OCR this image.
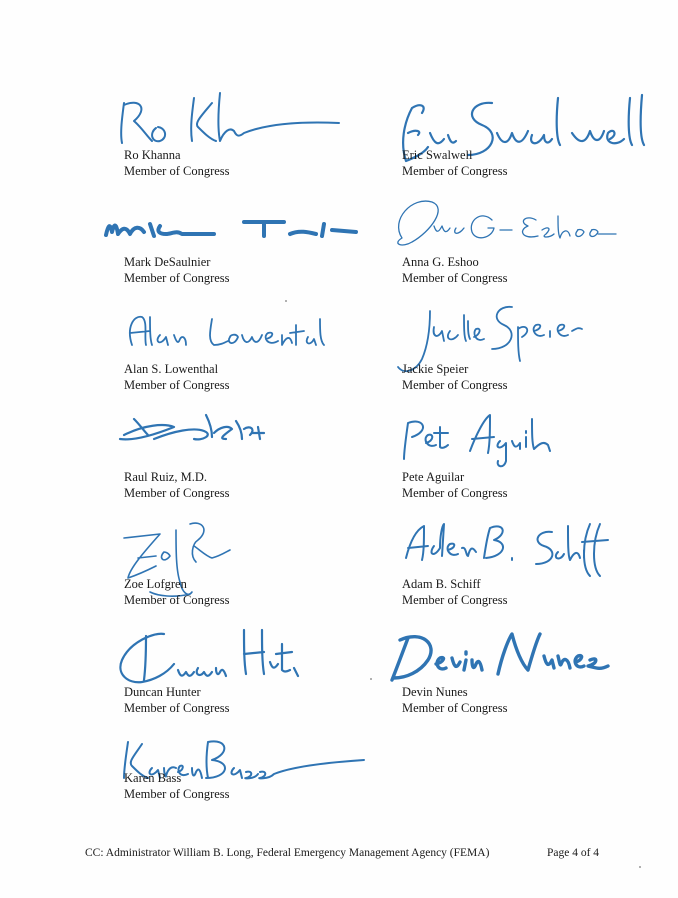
Ro Khanna
Member of Congress
Eric Swalwell
Member of Congress
Mark DeSaulnier
Member of Congress
Anna G. Eshoo
Member of Congress
Alan S. Lowenthal
Member of Congress
Jackie Speier
Member of Congress
Raul Ruiz, M.D.
Member of Congress
Pete Aguilar
Member of Congress
Zoe Lofgren
Member of Congress
Adam B. Schiff
Member of Congress
Duncan Hunter
Member of Congress
Devin Nunes
Member of Congress
Karen Bass
Member of Congress
CC: Administrator William B. Long, Federal Emergency Management Agency (FEMA)	Page 4 of 4
